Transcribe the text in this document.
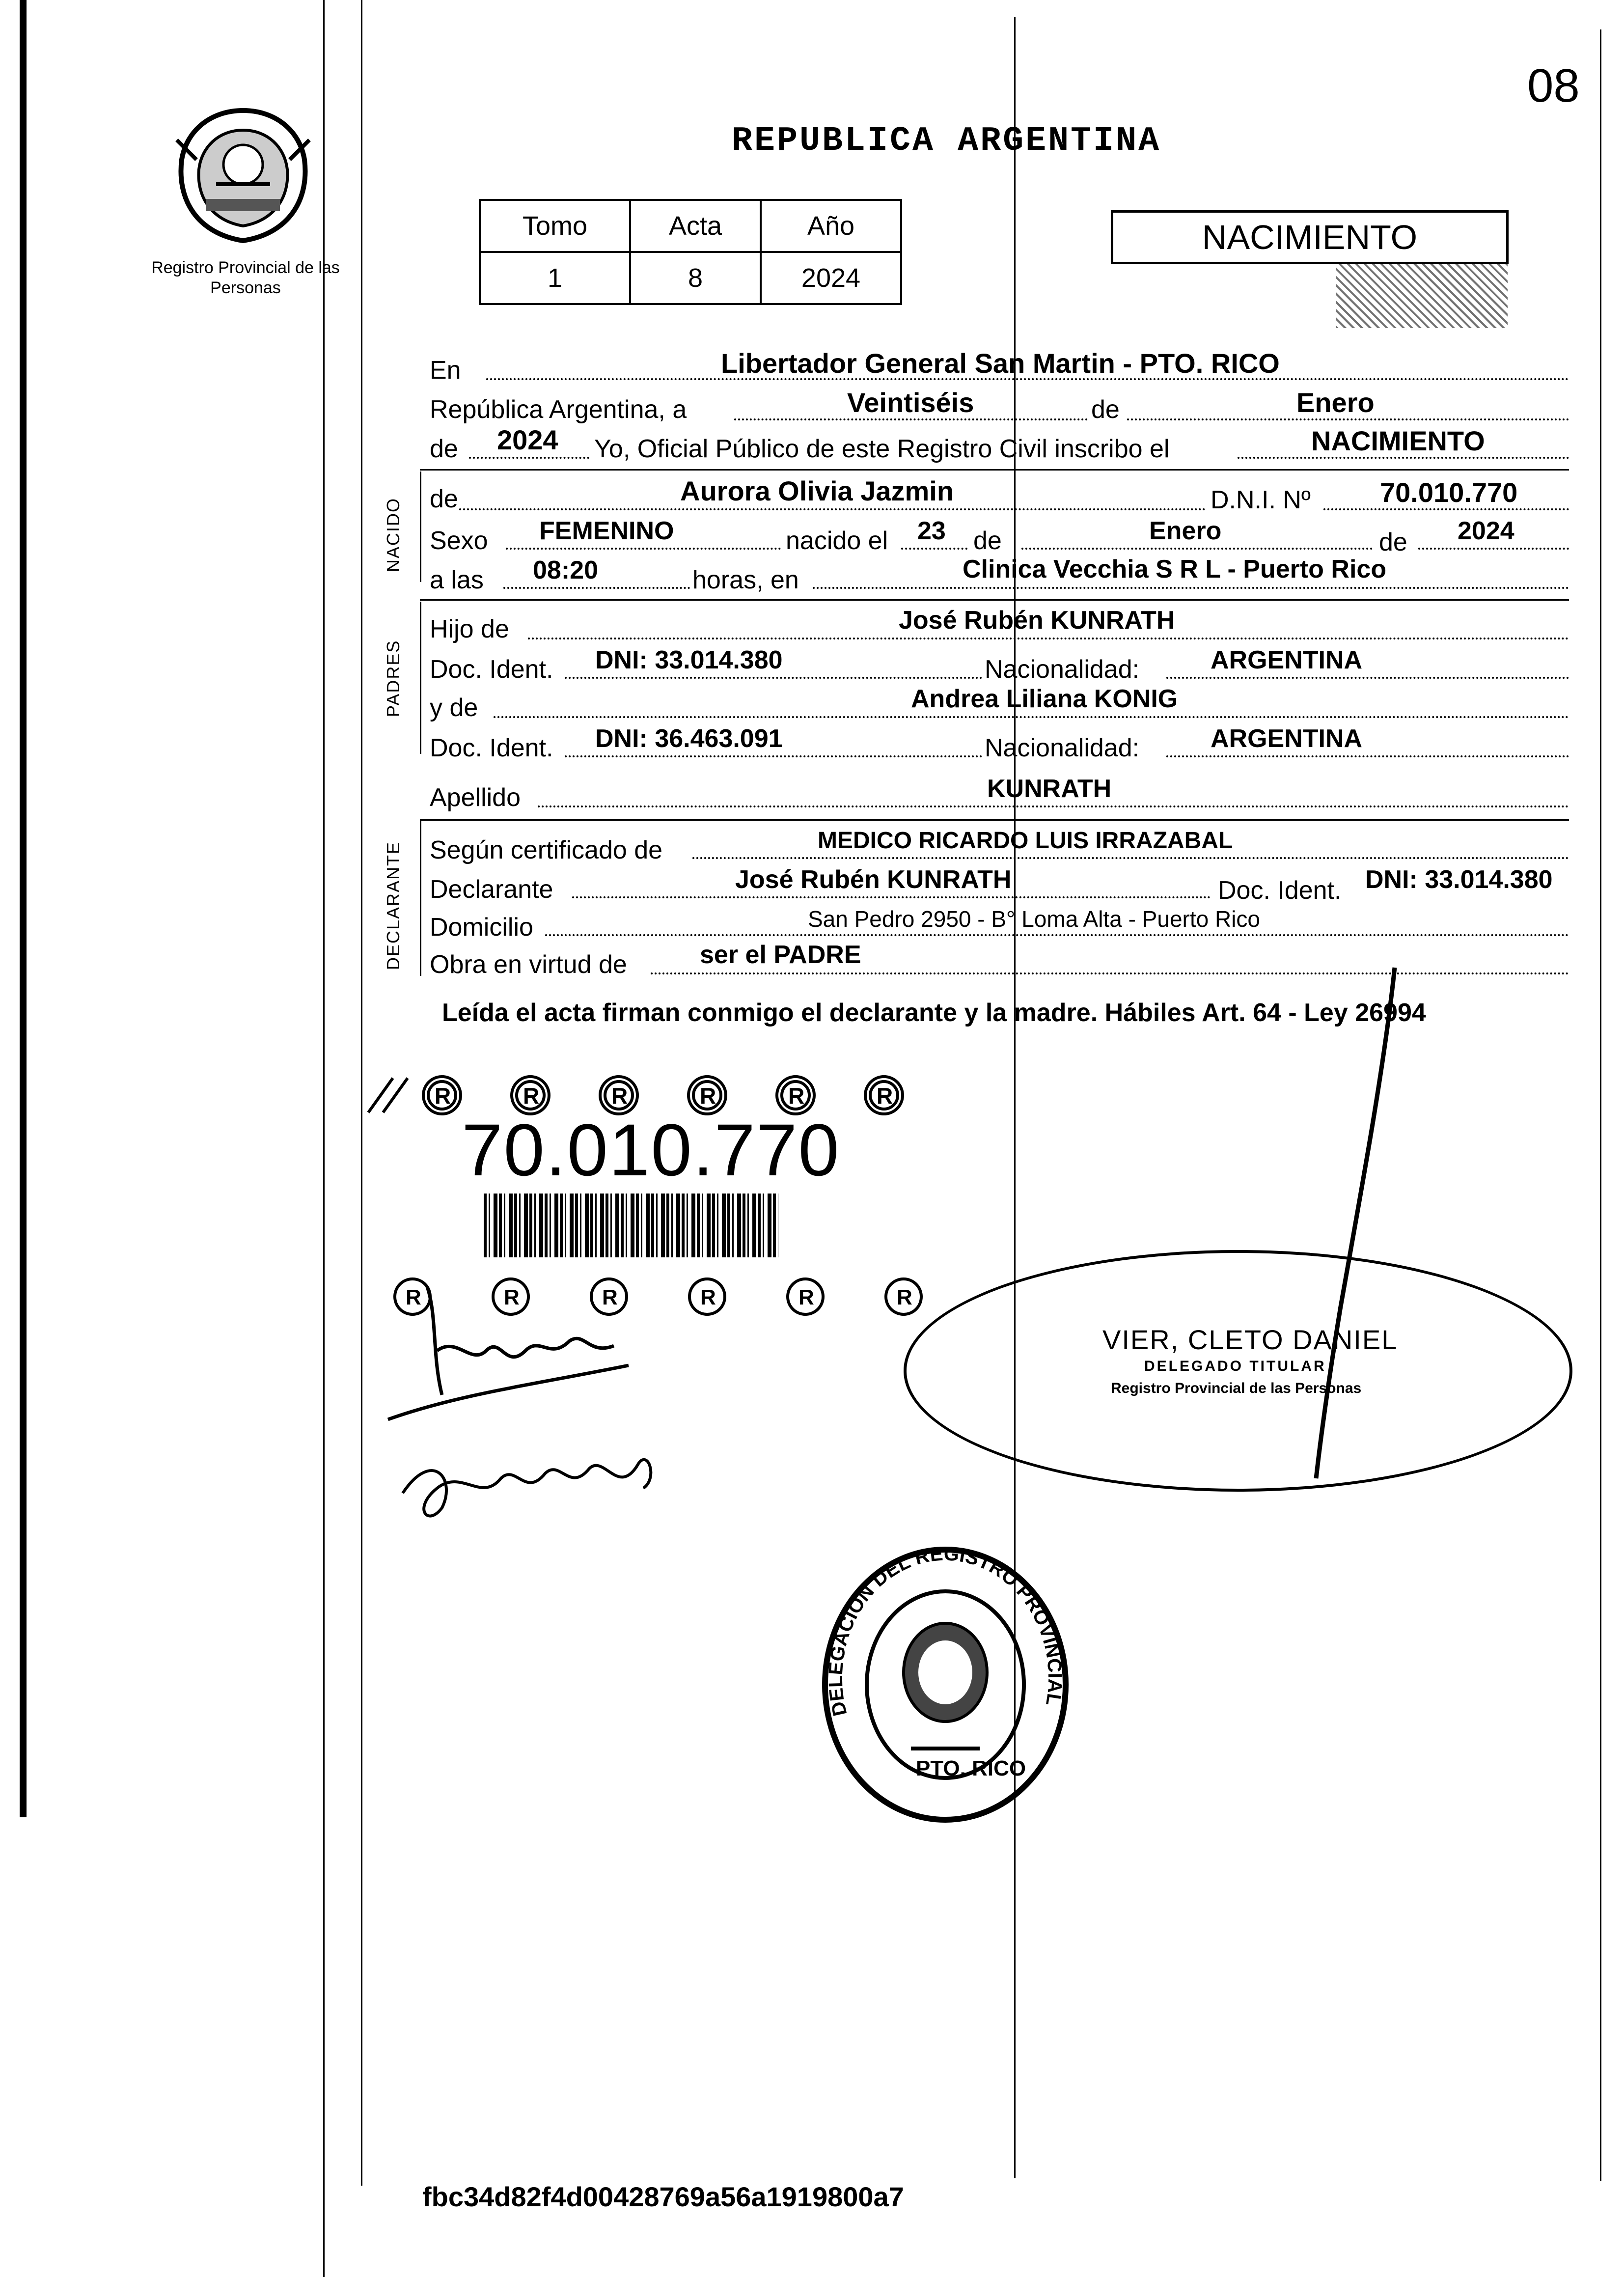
08
Registro Provincial de las Personas
REPUBLICA ARGENTINA
Tomo	Acta	Año
1	8	2024
NACIMIENTO
En	Libertador General San Martin - PTO. RICO
República Argentina, a	Veintiséis	de	Enero
de 2024 Yo, Oficial Público de este Registro Civil inscribo el	NACIMIENTO
NACIDO de	Aurora Olivia Jazmin	D.N.I. Nº	70.010.770
Sexo FEMENINO	nacido el 23 de	Enero	de 2024
a las 08:20	horas, en	Clinica Vecchia S R L - Puerto Rico
PADRES
Hijo de	José Rubén KUNRATH
Doc. Ident. DNI: 33.014.380	Nacionalidad:	ARGENTINA
y de	Andrea Liliana KONIG
Doc. Ident. DNI: 36.463.091	Nacionalidad:	ARGENTINA
Apellido	KUNRATH
DECLARANTE Según certificado de	MEDICO RICARDO LUIS IRRAZABAL
Declarante	José Rubén KUNRATH	Doc. Ident. DNI: 33.014.380
Domicilio	San Pedro 2950 - B° Loma Alta - Puerto Rico
Obra en virtud de	ser el PADRE
Leída el acta firman conmigo el declarante y la madre. Hábiles Art. 64 - Ley 26994
R	R	R	R	R	R
70.010.770
R	R	R	R	R	R
VIER, CLETO DANIEL
DELEGADO TITULAR
Registro Provincial de las Personas
DELEGACION DEL REGISTRO PROVINCIAL
PTO. RICO
fbc34d82f4d00428769a56a1919800a7
